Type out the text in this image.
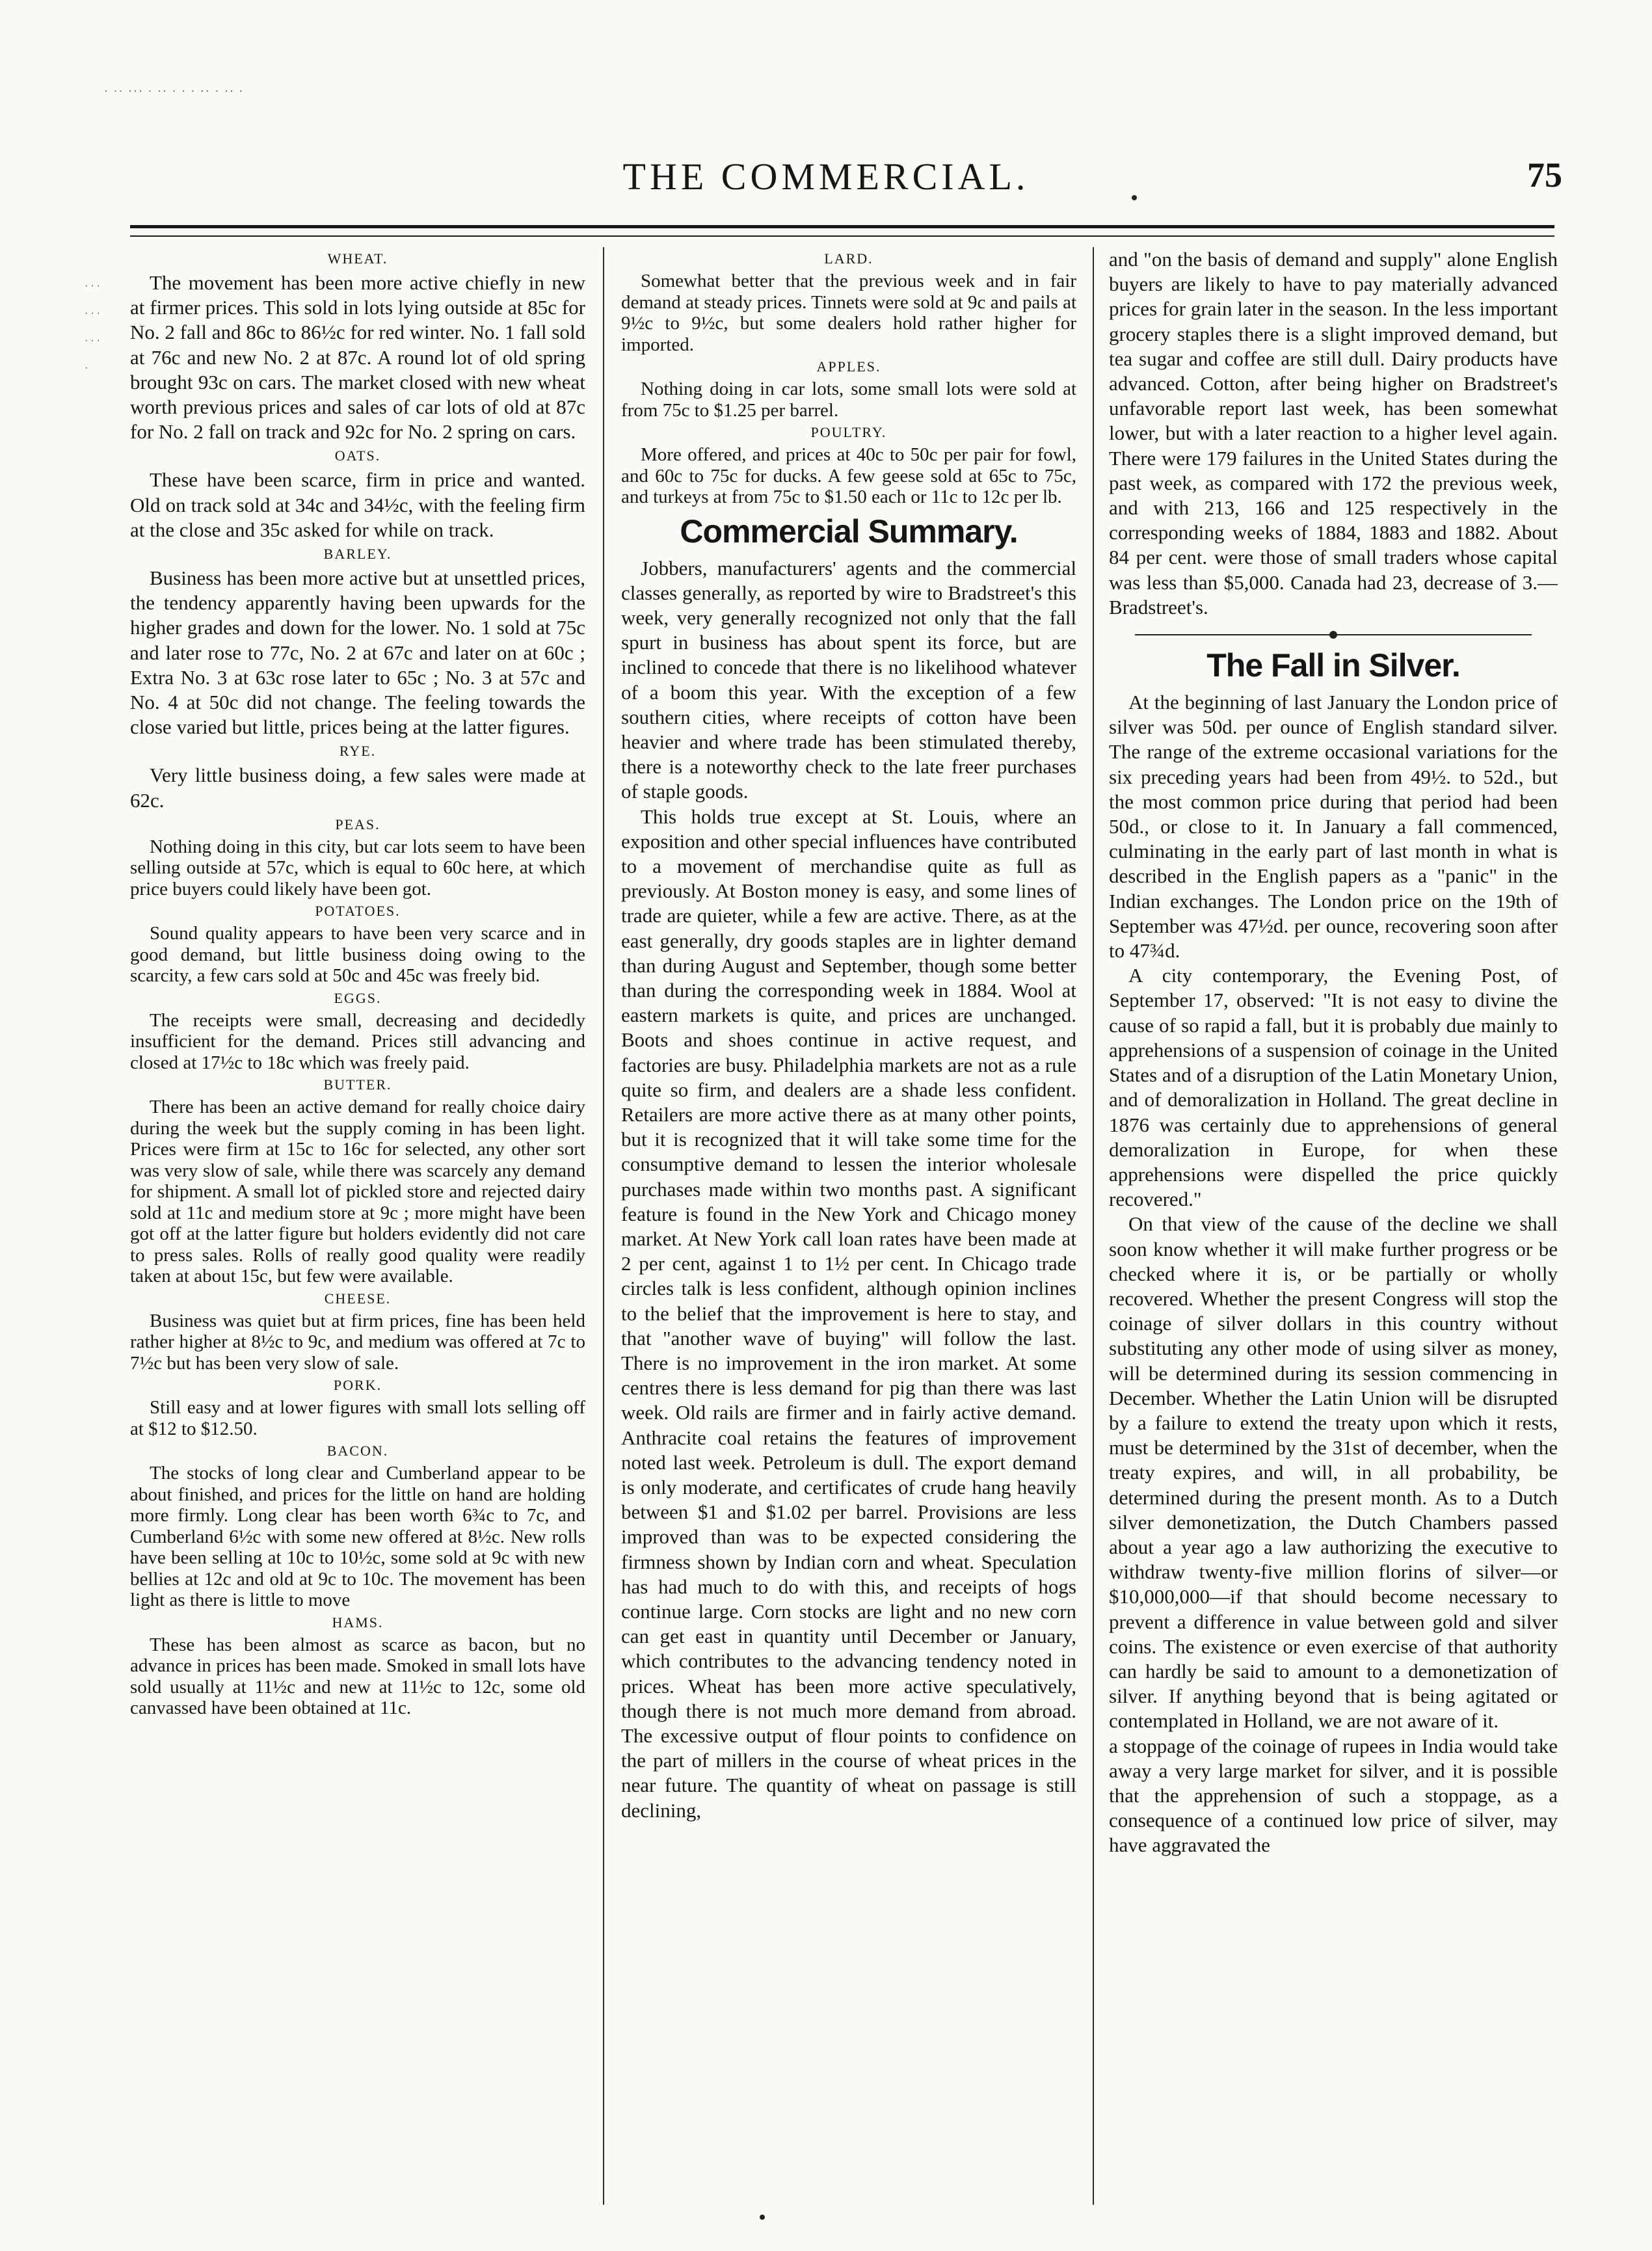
· ·· ··· · ·· · · · ·· · ·· ·
· · · · · · · · · ·
THE COMMERCIAL.	75
WHEAT.

The movement has been more active chiefly in new at firmer prices. This sold in lots lying outside at 85c for No. 2 fall and 86c to 86½c for red winter. No. 1 fall sold at 76c and new No. 2 at 87c. A round lot of old spring brought 93c on cars. The market closed with new wheat worth previous prices and sales of car lots of old at 87c for No. 2 fall on track and 92c for No. 2 spring on cars.

OATS.

These have been scarce, firm in price and wanted. Old on track sold at 34c and 34½c, with the feeling firm at the close and 35c asked for while on track.

BARLEY.

Business has been more active but at unsettled prices, the tendency apparently having been upwards for the higher grades and down for the lower. No. 1 sold at 75c and later rose to 77c, No. 2 at 67c and later on at 60c ; Extra No. 3 at 63c rose later to 65c ; No. 3 at 57c and No. 4 at 50c did not change. The feeling towards the close varied but little, prices being at the latter figures.

RYE.

Very little business doing, a few sales were made at 62c.

PEAS.

Nothing doing in this city, but car lots seem to have been selling outside at 57c, which is equal to 60c here, at which price buyers could likely have been got.

POTATOES.

Sound quality appears to have been very scarce and in good demand, but little business doing owing to the scarcity, a few cars sold at 50c and 45c was freely bid.

EGGS.

The receipts were small, decreasing and decidedly insufficient for the demand. Prices still advancing and closed at 17½c to 18c which was freely paid.

BUTTER.

There has been an active demand for really choice dairy during the week but the supply coming in has been light. Prices were firm at 15c to 16c for selected, any other sort was very slow of sale, while there was scarcely any demand for shipment. A small lot of pickled store and rejected dairy sold at 11c and medium store at 9c ; more might have been got off at the latter figure but holders evidently did not care to press sales. Rolls of really good quality were readily taken at about 15c, but few were available.

CHEESE.

Business was quiet but at firm prices, fine has been held rather higher at 8½c to 9c, and medium was offered at 7c to 7½c but has been very slow of sale.

PORK.

Still easy and at lower figures with small lots selling off at $12 to $12.50.

BACON.

The stocks of long clear and Cumberland appear to be about finished, and prices for the little on hand are holding more firmly. Long clear has been worth 6¾c to 7c, and Cumberland 6½c with some new offered at 8½c. New rolls have been selling at 10c to 10½c, some sold at 9c with new bellies at 12c and old at 9c to 10c. The movement has been light as there is little to move

HAMS.

These has been almost as scarce as bacon, but no advance in prices has been made. Smoked in small lots have sold usually at 11½c and new at 11½c to 12c, some old canvassed have been obtained at 11c.

LARD.

Somewhat better that the previous week and in fair demand at steady prices. Tinnets were sold at 9c and pails at 9½c to 9½c, but some dealers hold rather higher for imported.

APPLES.

Nothing doing in car lots, some small lots were sold at from 75c to $1.25 per barrel.

POULTRY.

More offered, and prices at 40c to 50c per pair for fowl, and 60c to 75c for ducks. A few geese sold at 65c to 75c, and turkeys at from 75c to $1.50 each or 11c to 12c per lb.

Commercial Summary.

Jobbers, manufacturers' agents and the commercial classes generally, as reported by wire to Bradstreet's this week, very generally recognized not only that the fall spurt in business has about spent its force, but are inclined to concede that there is no likelihood whatever of a boom this year. With the exception of a few southern cities, where receipts of cotton have been heavier and where trade has been stimulated thereby, there is a noteworthy check to the late freer purchases of staple goods.

This holds true except at St. Louis, where an exposition and other special influences have contributed to a movement of merchandise quite as full as previously. At Boston money is easy, and some lines of trade are quieter, while a few are active. There, as at the east generally, dry goods staples are in lighter demand than during August and September, though some better than during the corresponding week in 1884. Wool at eastern markets is quite, and prices are unchanged. Boots and shoes continue in active request, and factories are busy. Philadelphia markets are not as a rule quite so firm, and dealers are a shade less confident. Retailers are more active there as at many other points, but it is recognized that it will take some time for the consumptive demand to lessen the interior wholesale purchases made within two months past. A significant feature is found in the New York and Chicago money market. At New York call loan rates have been made at 2 per cent, against 1 to 1½ per cent. In Chicago trade circles talk is less confident, although opinion inclines to the belief that the improvement is here to stay, and that "another wave of buying" will follow the last. There is no improvement in the iron market. At some centres there is less demand for pig than there was last week. Old rails are firmer and in fairly active demand. Anthracite coal retains the features of improvement noted last week. Petroleum is dull. The export demand is only moderate, and certificates of crude hang heavily between $1 and $1.02 per barrel. Provisions are less improved than was to be expected considering the firmness shown by Indian corn and wheat. Speculation has had much to do with this, and receipts of hogs continue large. Corn stocks are light and no new corn can get east in quantity until December or January, which contributes to the advancing tendency noted in prices. Wheat has been more active speculatively, though there is not much more demand from abroad. The excessive output of flour points to confidence on the part of millers in the course of wheat prices in the near future. The quantity of wheat on passage is still declining,

and "on the basis of demand and supply" alone English buyers are likely to have to pay materially advanced prices for grain later in the season. In the less important grocery staples there is a slight improved demand, but tea sugar and coffee are still dull. Dairy products have advanced. Cotton, after being higher on Bradstreet's unfavorable report last week, has been somewhat lower, but with a later reaction to a higher level again. There were 179 failures in the United States during the past week, as compared with 172 the previous week, and with 213, 166 and 125 respectively in the corresponding weeks of 1884, 1883 and 1882. About 84 per cent. were those of small traders whose capital was less than $5,000. Canada had 23, decrease of 3.—Bradstreet's.

The Fall in Silver.

At the beginning of last January the London price of silver was 50d. per ounce of English standard silver. The range of the extreme occasional variations for the six preceding years had been from 49½. to 52d., but the most common price during that period had been 50d., or close to it. In January a fall commenced, culminating in the early part of last month in what is described in the English papers as a "panic" in the Indian exchanges. The London price on the 19th of September was 47½d. per ounce, recovering soon after to 47¾d.

A city contemporary, the Evening Post, of September 17, observed: "It is not easy to divine the cause of so rapid a fall, but it is probably due mainly to apprehensions of a suspension of coinage in the United States and of a disruption of the Latin Monetary Union, and of demoralization in Holland. The great decline in 1876 was certainly due to apprehensions of general demoralization in Europe, for when these apprehensions were dispelled the price quickly recovered."

On that view of the cause of the decline we shall soon know whether it will make further progress or be checked where it is, or be partially or wholly recovered. Whether the present Congress will stop the coinage of silver dollars in this country without substituting any other mode of using silver as money, will be determined during its session commencing in December. Whether the Latin Union will be disrupted by a failure to extend the treaty upon which it rests, must be determined by the 31st of december, when the treaty expires, and will, in all probability, be determined during the present month. As to a Dutch silver demonetization, the Dutch Chambers passed about a year ago a law authorizing the executive to withdraw twenty-five million florins of silver—or $10,000,000—if that should become necessary to prevent a difference in value between gold and silver coins. The existence or even exercise of that authority can hardly be said to amount to a demonetization of silver. If anything beyond that is being agitated or contemplated in Holland, we are not aware of it.

a stoppage of the coinage of rupees in India would take away a very large market for silver, and it is possible that the apprehension of such a stoppage, as a consequence of a continued low price of silver, may have aggravated the
